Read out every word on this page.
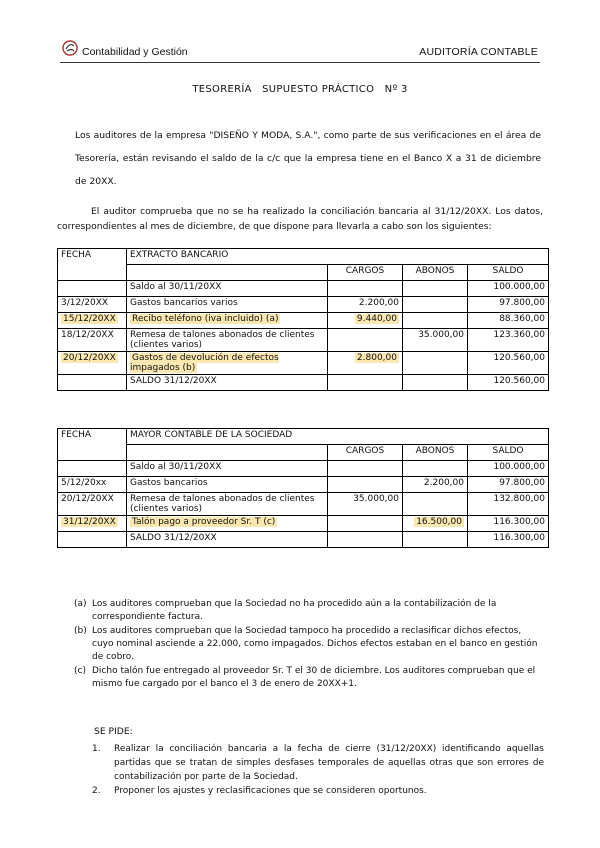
Contabilidad y Gestión	AUDITORÍA CONTABLE
TESORERÍA   SUPUESTO PRÁCTICO   Nº 3
Los auditores de la empresa "DISEÑO Y MODA, S.A.", como parte de sus verificaciones en el área de Tesorería, están revisando el saldo de la c/c que la empresa tiene en el Banco X a 31 de diciembre de 20XX.
El auditor comprueba que no se ha realizado la conciliación bancaria al 31/12/20XX. Los datos, correspondientes al mes de diciembre, de que dispone para llevarla a cabo son los siguientes:
FECHA	EXTRACTO BANCARIO			
		CARGOS	ABONOS	SALDO
	Saldo al 30/11/20XX			100.000,00
3/12/20XX	Gastos bancarios varios	2.200,00		97.800,00
15/12/20XX	Recibo teléfono (iva incluido) (a)	9.440,00		88.360,00
18/12/20XX	Remesa de talones abonados de clientes (clientes varios)		35.000,00	123.360,00
20/12/20XX	Gastos de devolución de efectos impagados (b)	2.800,00		120.560,00
	SALDO 31/12/20XX			120.560,00
FECHA	MAYOR CONTABLE DE LA SOCIEDAD			
		CARGOS	ABONOS	SALDO
	Saldo al 30/11/20XX			100.000,00
5/12/20xx	Gastos bancarios		2.200,00	97.800,00
20/12/20XX	Remesa de talones abonados de clientes (clientes varios)	35.000,00		132.800,00
31/12/20XX	Talón pago a proveedor Sr. T (c)		16.500,00	116.300,00
	SALDO 31/12/20XX			116.300,00
(a) Los auditores comprueban que la Sociedad no ha procedido aún a la contabilización de la correspondiente factura.
(b) Los auditores comprueban que la Sociedad tampoco ha procedido a reclasificar dichos efectos, cuyo nominal asciende a 22.000, como impagados. Dichos efectos estaban en el banco en gestión de cobro.
(c) Dicho talón fue entregado al proveedor Sr. T el 30 de diciembre. Los auditores comprueban que el mismo fue cargado por el banco el 3 de enero de 20XX+1.
SE PIDE:
1.	Realizar la conciliación bancaria a la fecha de cierre (31/12/20XX) identificando aquellas partidas que se tratan de simples desfases temporales de aquellas otras que son errores de contabilización por parte de la Sociedad.
2.	Proponer los ajustes y reclasificaciones que se consideren oportunos.
